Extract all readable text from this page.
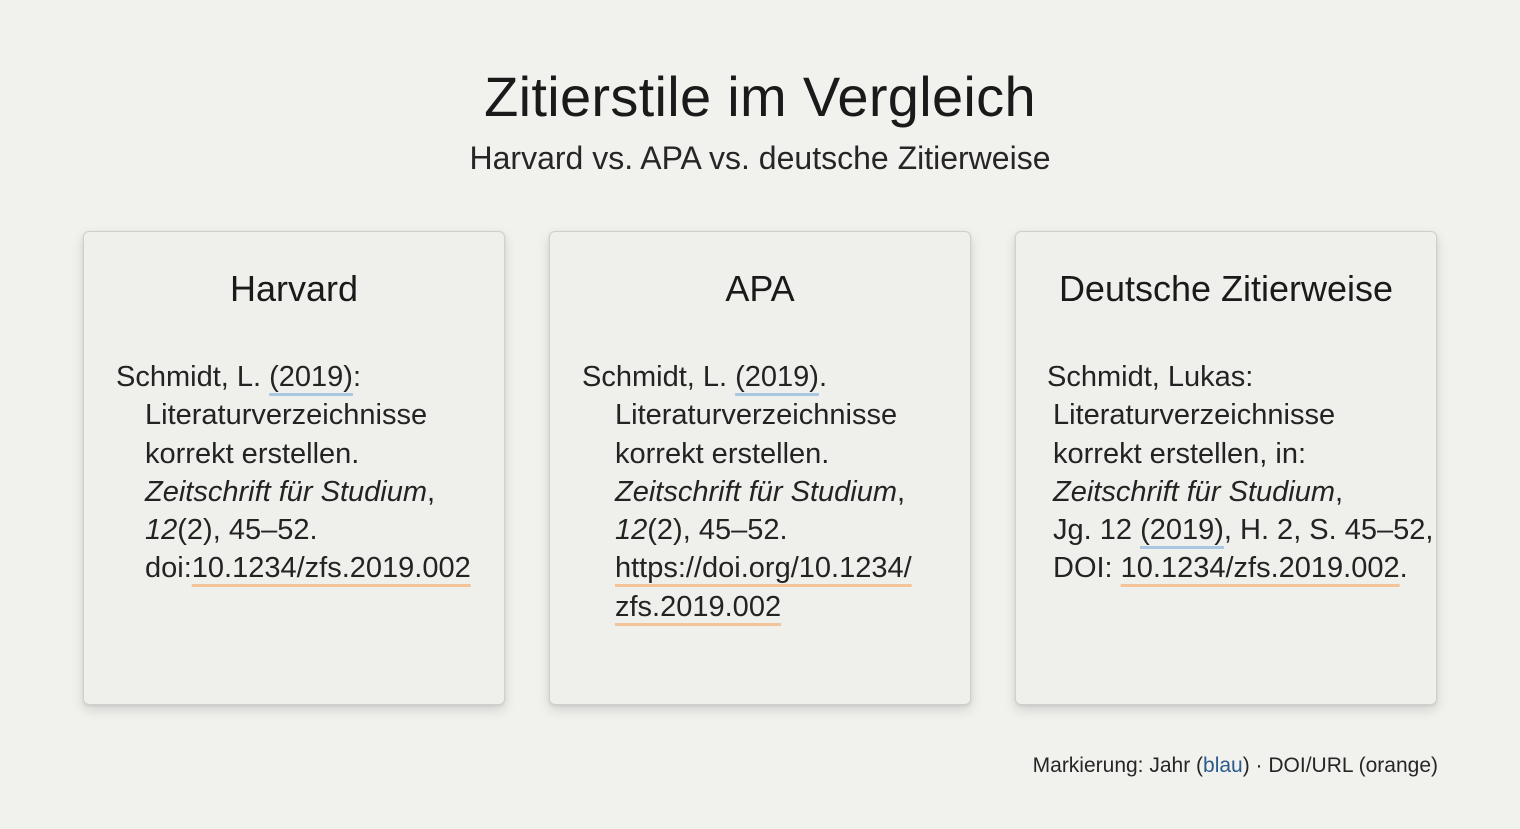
Zitierstile im Vergleich

Harvard vs. APA vs. deutsche Zitierweise

Harvard
Schmidt, L. (2019):
Literaturverzeichnisse
korrekt erstellen.
Zeitschrift für Studium,
12(2), 45–52.
doi:10.1234/zfs.2019.002
APA
Schmidt, L. (2019).
Literaturverzeichnisse
korrekt erstellen.
Zeitschrift für Studium,
12(2), 45–52.
https://doi.org/10.1234/
zfs.2019.002
Deutsche Zitierweise
Schmidt, Lukas:
Literaturverzeichnisse
korrekt erstellen, in:
Zeitschrift für Studium,
Jg. 12 (2019), H. 2, S. 45–52,
DOI: 10.1234/zfs.2019.002.
Markierung: Jahr (blau) · DOI/URL (orange)
